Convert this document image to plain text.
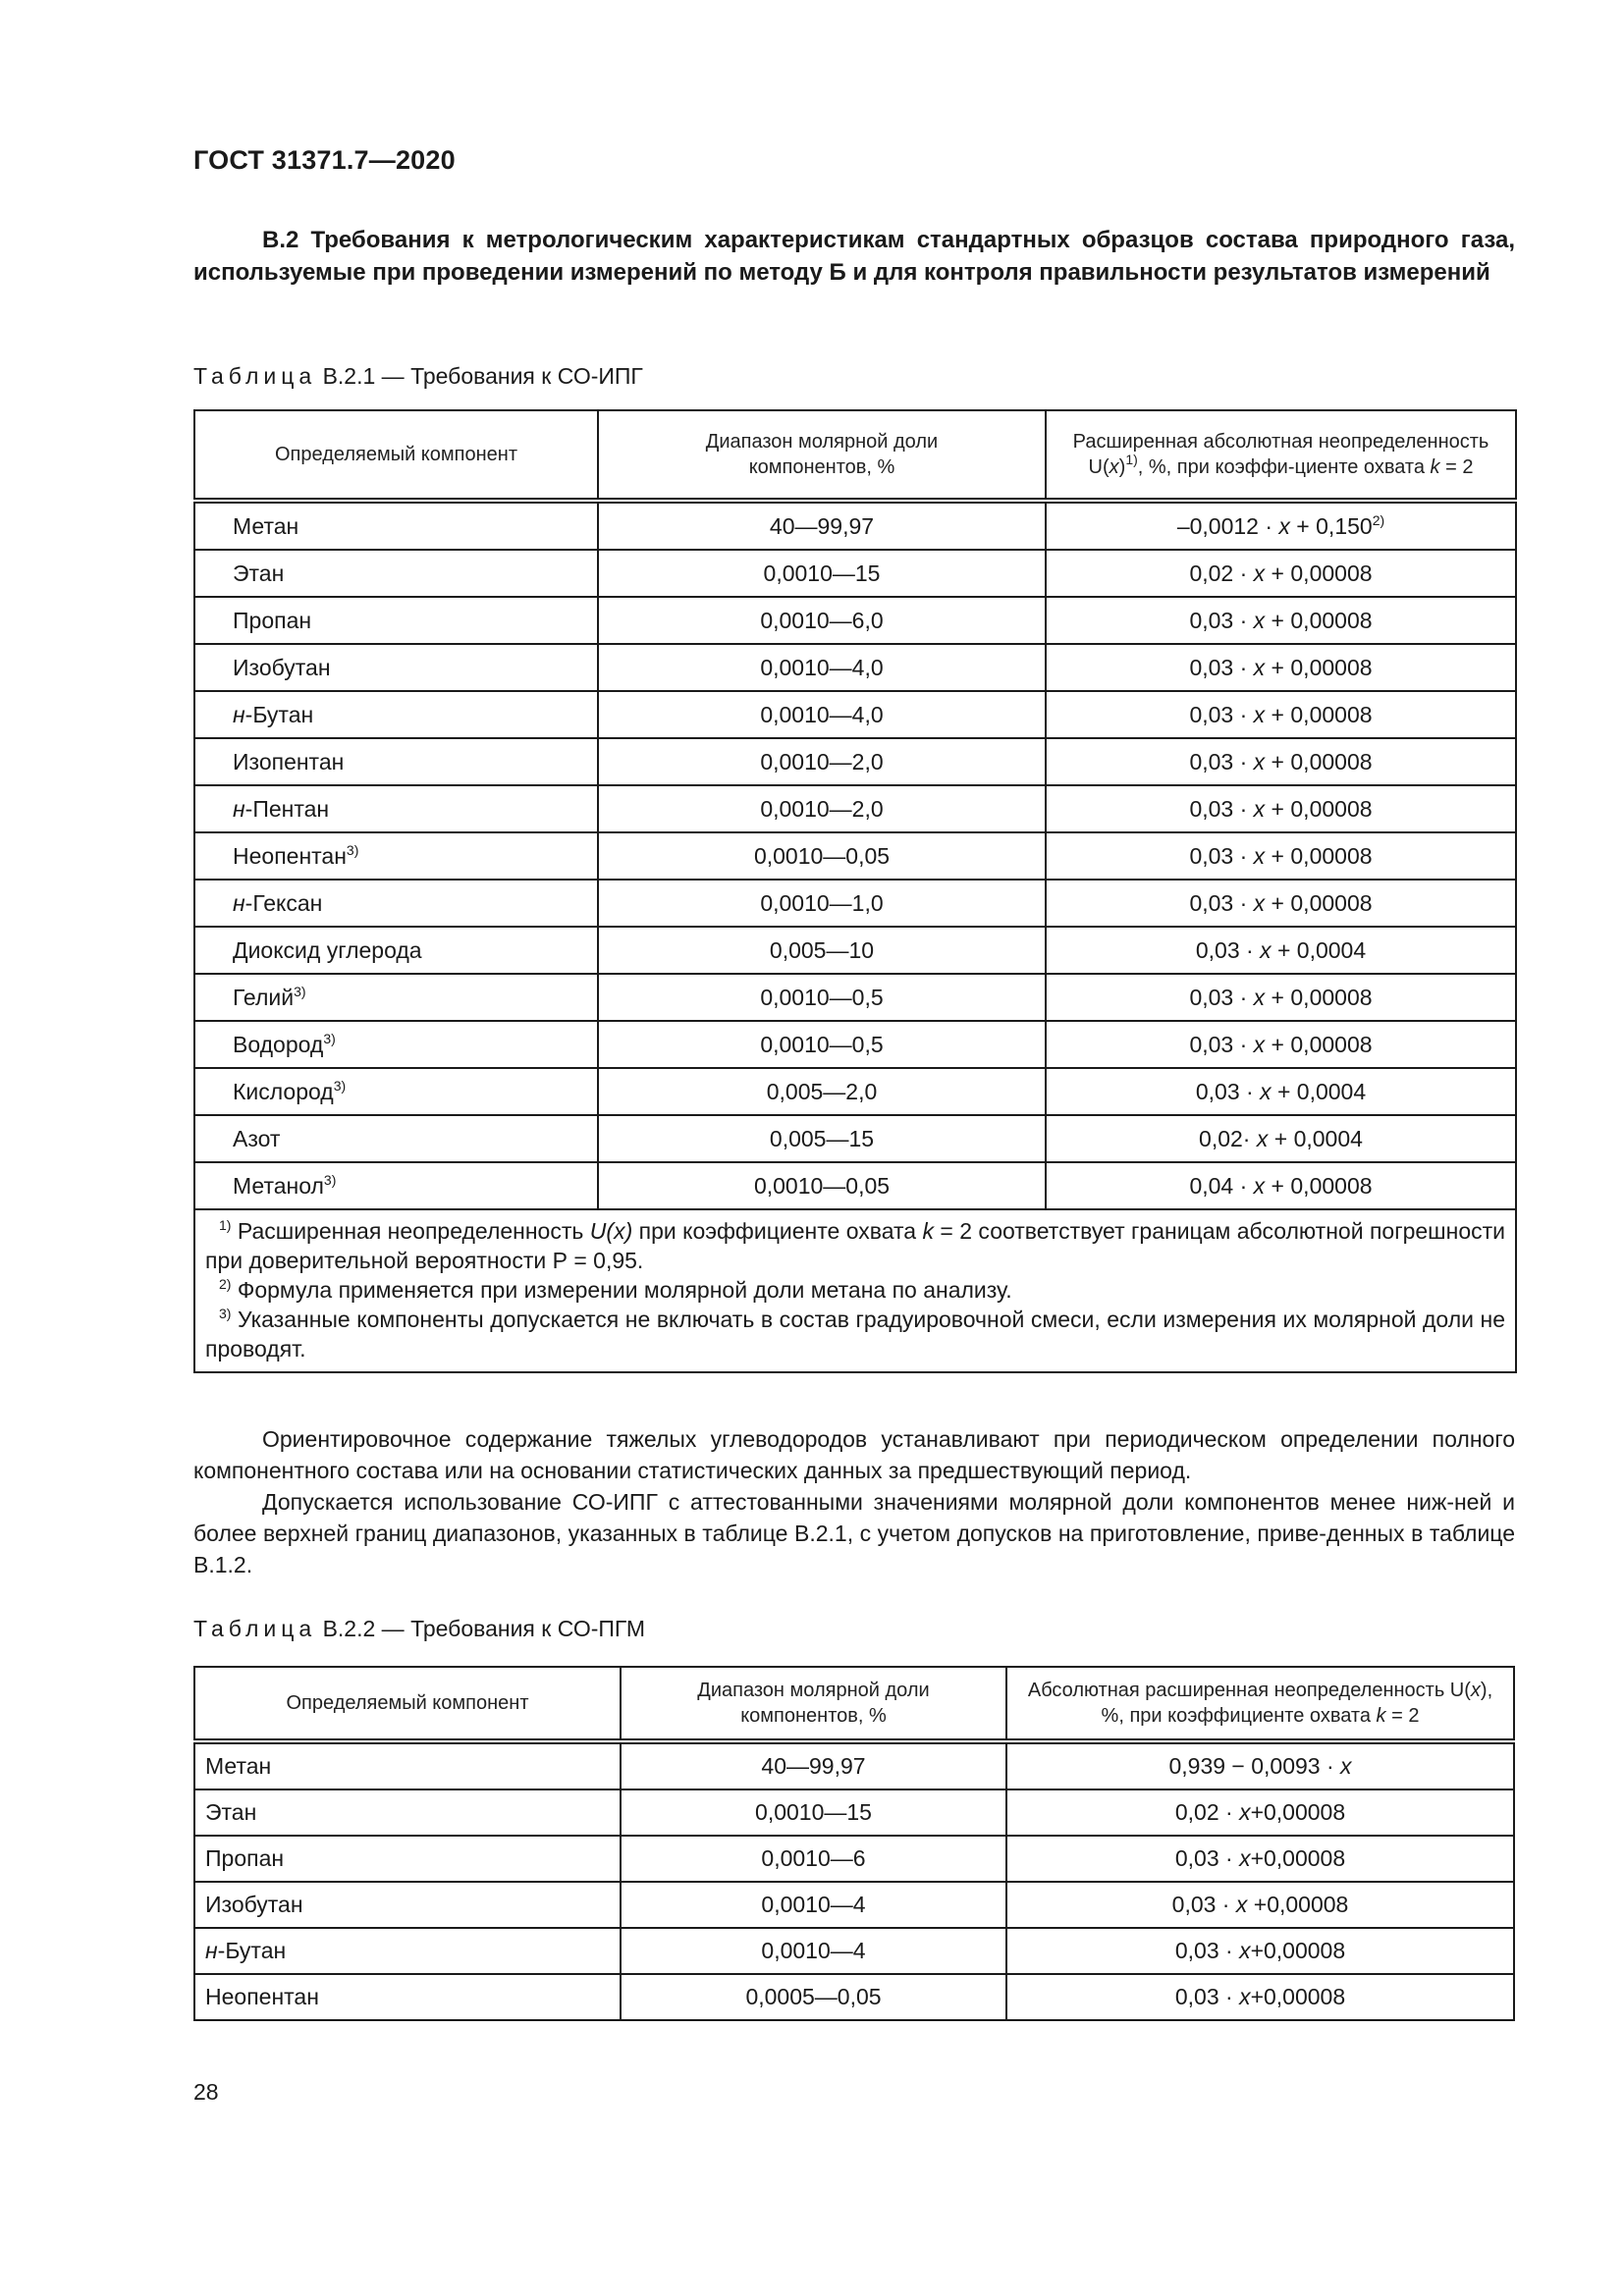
ГОСТ 31371.7—2020
В.2 Требования к метрологическим характеристикам стандартных образцов состава природного газа, используемые при проведении измерений по методу Б и для контроля правильности результатов измерений
Таблица В.2.1 — Требования к СО-ИПГ
Определяемый компонент	Диапазон молярной доли компонентов, %	Расширенная абсолютная неопределенность $U(x)^{1)}$, %, при коэффи-циенте охвата k = 2
Метан	40—99,97	$-0,0012 \cdot x + 0,150^{2)}$
Этан	0,0010—15	0,02 · x + 0,00008
Пропан	0,0010—6,0	0,03 · x + 0,00008
Изобутан	0,0010—4,0	0,03 · x + 0,00008
н-Бутан	0,0010—4,0	0,03 · x + 0,00008
Изопентан	0,0010—2,0	0,03 · x + 0,00008
н-Пентан	0,0010—2,0	0,03 · x + 0,00008
Неопентан$^{3)}$	0,0010—0,05	0,03 · x + 0,00008
н-Гексан	0,0010—1,0	0,03 · x + 0,00008
Диоксид углерода	0,005—10	0,03 · x + 0,0004
Гелий$^{3)}$	0,0010—0,5	0,03 · x + 0,00008
Водород$^{3)}$	0,0010—0,5	0,03 · x + 0,00008
Кислород$^{3)}$	0,005—2,0	0,03 · x + 0,0004
Азот	0,005—15	0,02· x + 0,0004
Метанол$^{3)}$	0,0010—0,05	0,04 · x + 0,00008

$^{1)}$ Расширенная неопределенность U(x) при коэффициенте охвата k = 2 соответствует границам абсолютной погрешности при доверительной вероятности Р = 0,95.
$^{2)}$ Формула применяется при измерении молярной доли метана по анализу.
$^{3)}$ Указанные компоненты допускается не включать в состав градуировочной смеси, если измерения их молярной доли не проводят.		
Ориентировочное содержание тяжелых углеводородов устанавливают при периодическом определении полного компонентного состава или на основании статистических данных за предшествующий период.
Допускается использование СО-ИПГ с аттестованными значениями молярной доли компонентов менее ниж-ней и более верхней границ диапазонов, указанных в таблице В.2.1, с учетом допусков на приготовление, приве-денных в таблице В.1.2.
Таблица В.2.2 — Требования к СО-ПГМ
Определяемый компонент	Диапазон молярной доли компонентов, %	Абсолютная расширенная неопределенность U(x), %, при коэффициенте охвата k = 2
Метан	40—99,97	0,939 − 0,0093 · x
Этан	0,0010—15	0,02 · x+0,00008
Пропан	0,0010—6	0,03 · x+0,00008
Изобутан	0,0010—4	0,03 · x +0,00008
н-Бутан	0,0010—4	0,03 · x+0,00008
Неопентан	0,0005—0,05	0,03 · x+0,00008
28
